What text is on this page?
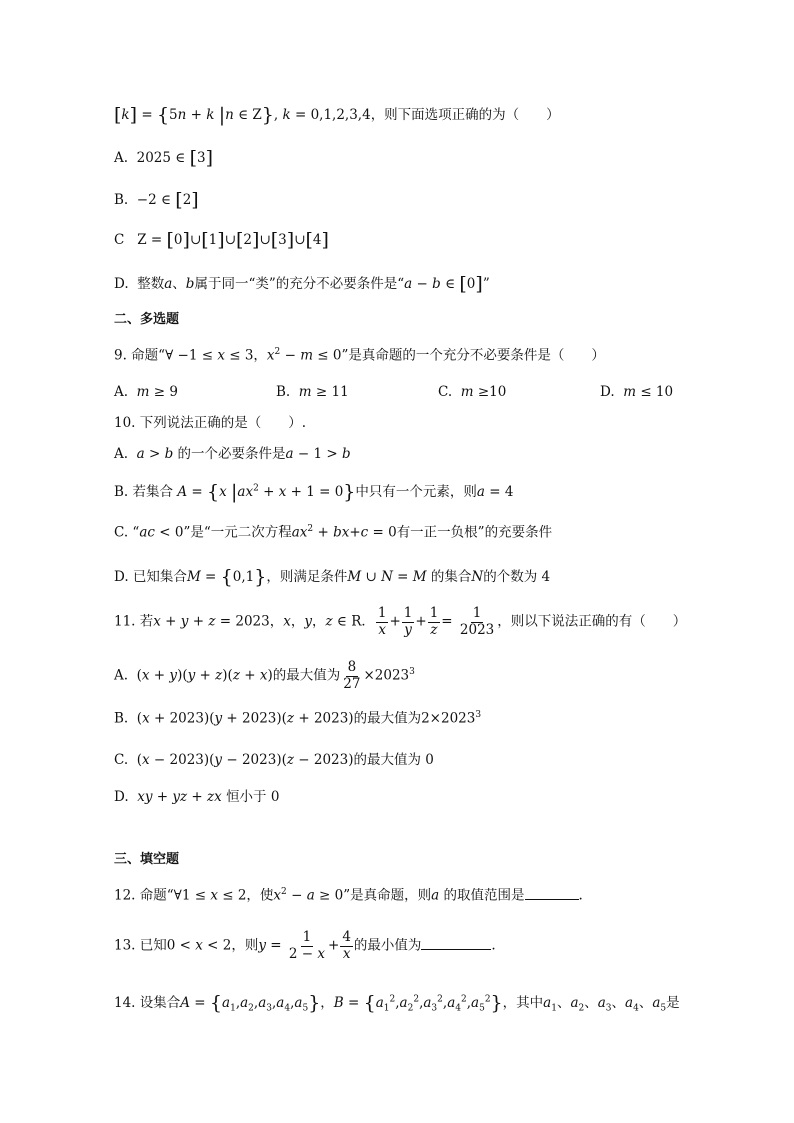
[k] = {5n + k |n ∈ Z}, k = 0,1,2,3,4，则下面选项正确的为（　　）
A.  2025 ∈ [3]
B.  −2 ∈ [2]
C   Z = [0]∪[1]∪[2]∪[3]∪[4]
D. 整数a、b属于同一“类”的充分不必要条件是“a − b ∈ [0]”
二、多选题
9. 命题“∀ −1 ≤ x ≤ 3，$x^2 - m \le 0$”是真命题的一个充分不必要条件是（　　）
A.  m ≥ 9	B.  m ≥ 11	C.  m ≥10	D.  m ≤ 10
10. 下列说法正确的是（　　）.
A.  a > b 的一个必要条件是a − 1 > b
B. 若集合 A = {x $|ax^2 + x + 1 = 0$}中只有一个元素，则a = 4
C. “ac < 0”是“一元二次方程$ax^2 + bx+c = 0$有一正一负根”的充要条件
D. 已知集合M = {0,1}，则满足条件M ∪ N = M 的集合N的个数为 4
11. 若x + y + z = 2023，x，y，z ∈ R． $\frac{1}{x} + \frac{1}{y} + \frac{1}{z} = \frac{1}{2023}$ ，则以下说法正确的有（　　）
A.  (x + y)(y + z)(z + x)的最大值为 $\frac{8}{27} \times 2023^3$
B.  (x + 2023)(y + 2023)(z + 2023)的最大值为$2\times 2023^3$
C.  (x − 2023)(y − 2023)(z − 2023)的最大值为 0
D.  xy + yz + zx 恒小于 0
三、填空题
12. 命题“∀1 ≤ x ≤ 2，使$x^2 - a \ge 0$”是真命题，则a 的取值范围是	.
13. 已知0 < x < 2，则$y = \frac{1}{2 - x} + \frac{4}{x}$ 的最小值为	.
14. 设集合$A = \{a_1,a_2,a_3,a_4,a_5\}$，$B = \{a_1^2,a_2^2,a_3^2,a_4^2,a_5^2\}$，其中$a_1$、$a_2$、$a_3$、$a_4$、$a_5$是
